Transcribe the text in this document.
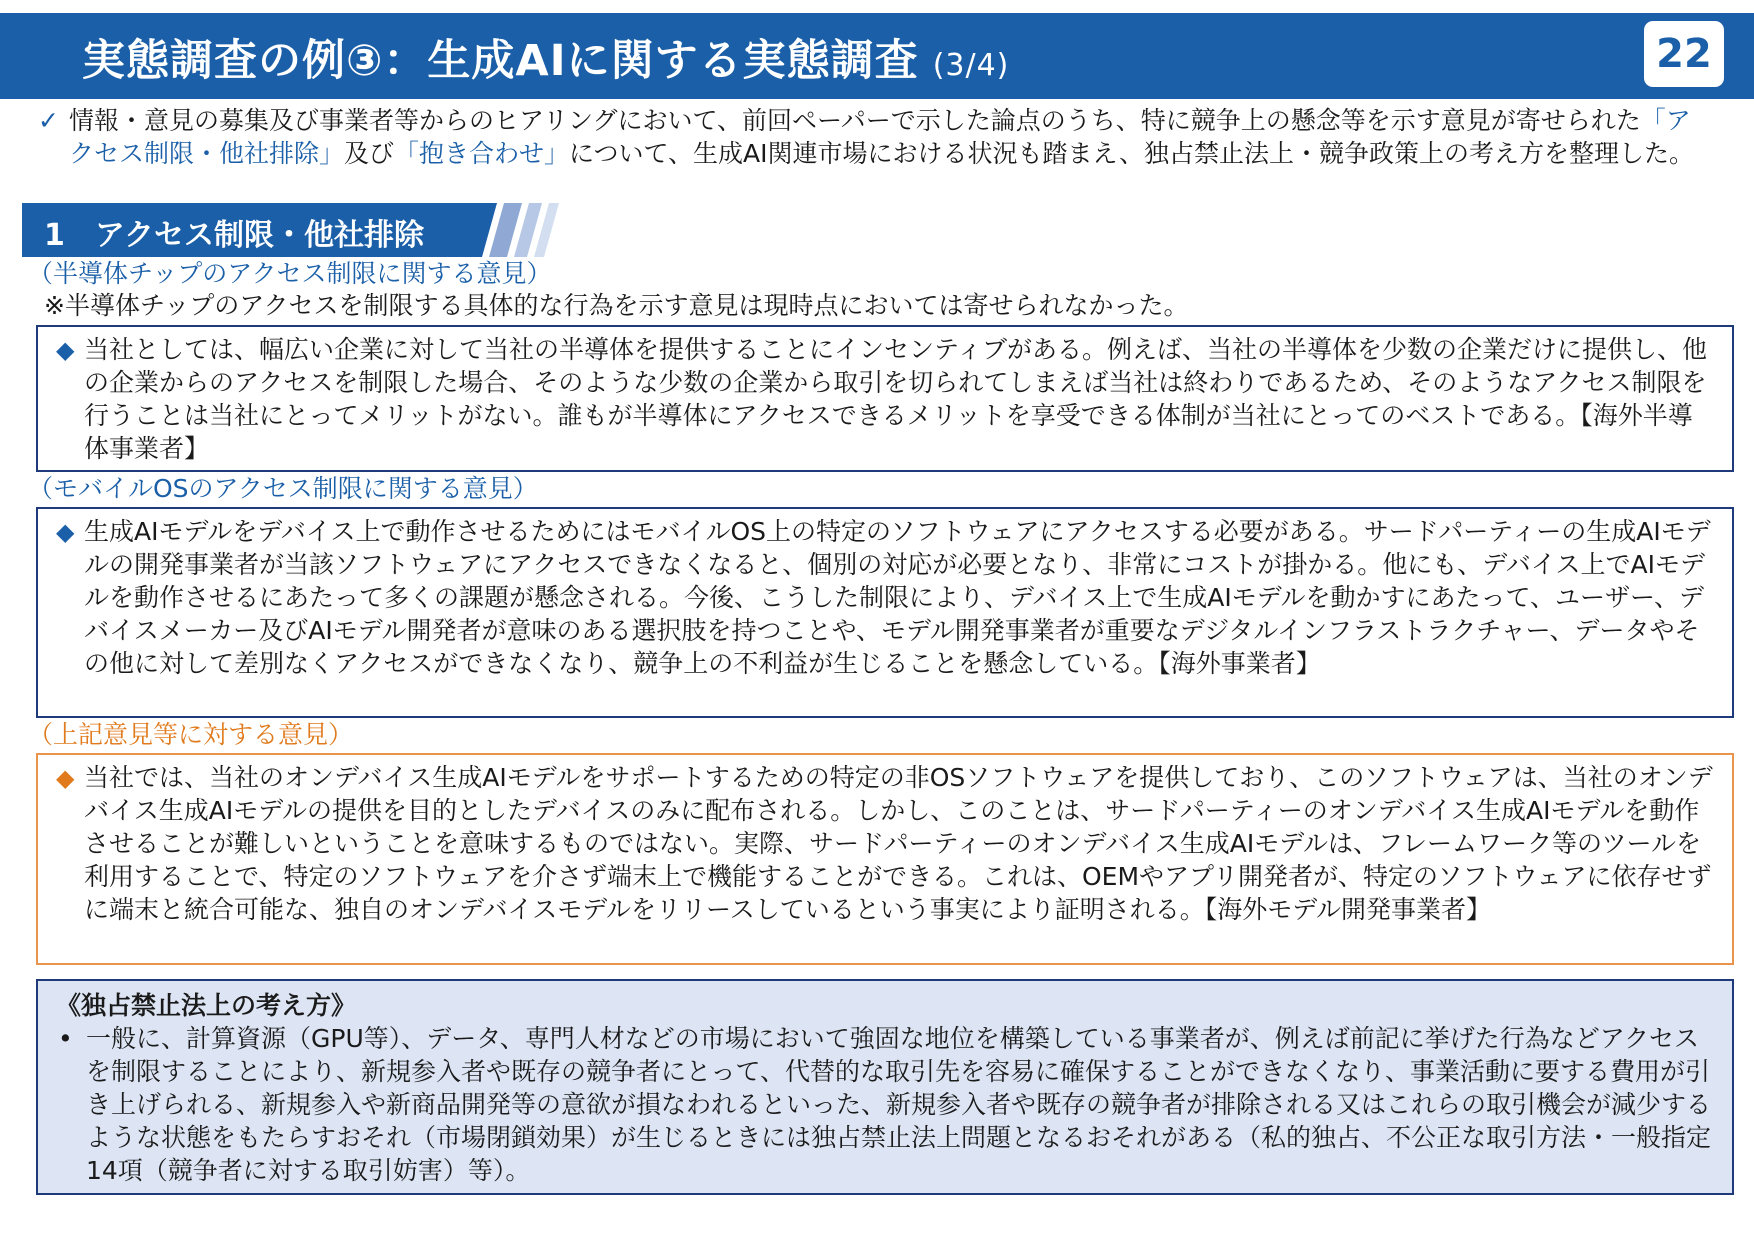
実態調査の例③：生成AIに関する実態調査 (3/4)	22
✓ 情報・意見の募集及び事業者等からのヒアリングにおいて、前回ペーパーで示した論点のうち、特に競争上の懸念等を示す意見が寄せられた「アクセス制限・他社排除」及び「抱き合わせ」について、生成AI関連市場における状況も踏まえ、独占禁止法上・競争政策上の考え方を整理した。

1 アクセス制限・他社排除
（半導体チップのアクセス制限に関する意見）
※半導体チップのアクセスを制限する具体的な行為を示す意見は現時点においては寄せられなかった。
◆ 当社としては、幅広い企業に対して当社の半導体を提供することにインセンティブがある。例えば、当社の半導体を少数の企業だけに提供し、他の企業からのアクセスを制限した場合、そのような少数の企業から取引を切られてしまえば当社は終わりであるため、そのようなアクセス制限を行うことは当社にとってメリットがない。誰もが半導体にアクセスできるメリットを享受できる体制が当社にとってのベストである。【海外半導体事業者】
（モバイルOSのアクセス制限に関する意見）
◆ 生成AIモデルをデバイス上で動作させるためにはモバイルOS上の特定のソフトウェアにアクセスする必要がある。サードパーティーの生成AIモデルの開発事業者が当該ソフトウェアにアクセスできなくなると、個別の対応が必要となり、非常にコストが掛かる。他にも、デバイス上でAIモデルを動作させるにあたって多くの課題が懸念される。今後、こうした制限により、デバイス上で生成AIモデルを動かすにあたって、ユーザー、デバイスメーカー及びAIモデル開発者が意味のある選択肢を持つことや、モデル開発事業者が重要なデジタルインフラストラクチャー、データやその他に対して差別なくアクセスができなくなり、競争上の不利益が生じることを懸念している。【海外事業者】
（上記意見等に対する意見）
◆ 当社では、当社のオンデバイス生成AIモデルをサポートするための特定の非OSソフトウェアを提供しており、このソフトウェアは、当社のオンデバイス生成AIモデルの提供を目的としたデバイスのみに配布される。しかし、このことは、サードパーティーのオンデバイス生成AIモデルを動作させることが難しいということを意味するものではない。実際、サードパーティーのオンデバイス生成AIモデルは、フレームワーク等のツールを利用することで、特定のソフトウェアを介さず端末上で機能することができる。これは、OEMやアプリ開発者が、特定のソフトウェアに依存せずに端末と統合可能な、独自のオンデバイスモデルをリリースしているという事実により証明される。【海外モデル開発事業者】
《独占禁止法上の考え方》
• 一般に、計算資源（GPU等）、データ、専門人材などの市場において強固な地位を構築している事業者が、例えば前記に挙げた行為などアクセスを制限することにより、新規参入者や既存の競争者にとって、代替的な取引先を容易に確保することができなくなり、事業活動に要する費用が引き上げられる、新規参入や新商品開発等の意欲が損なわれるといった、新規参入者や既存の競争者が排除される又はこれらの取引機会が減少するような状態をもたらすおそれ（市場閉鎖効果）が生じるときには独占禁止法上問題となるおそれがある（私的独占、不公正な取引方法・一般指定14項（競争者に対する取引妨害）等）。
